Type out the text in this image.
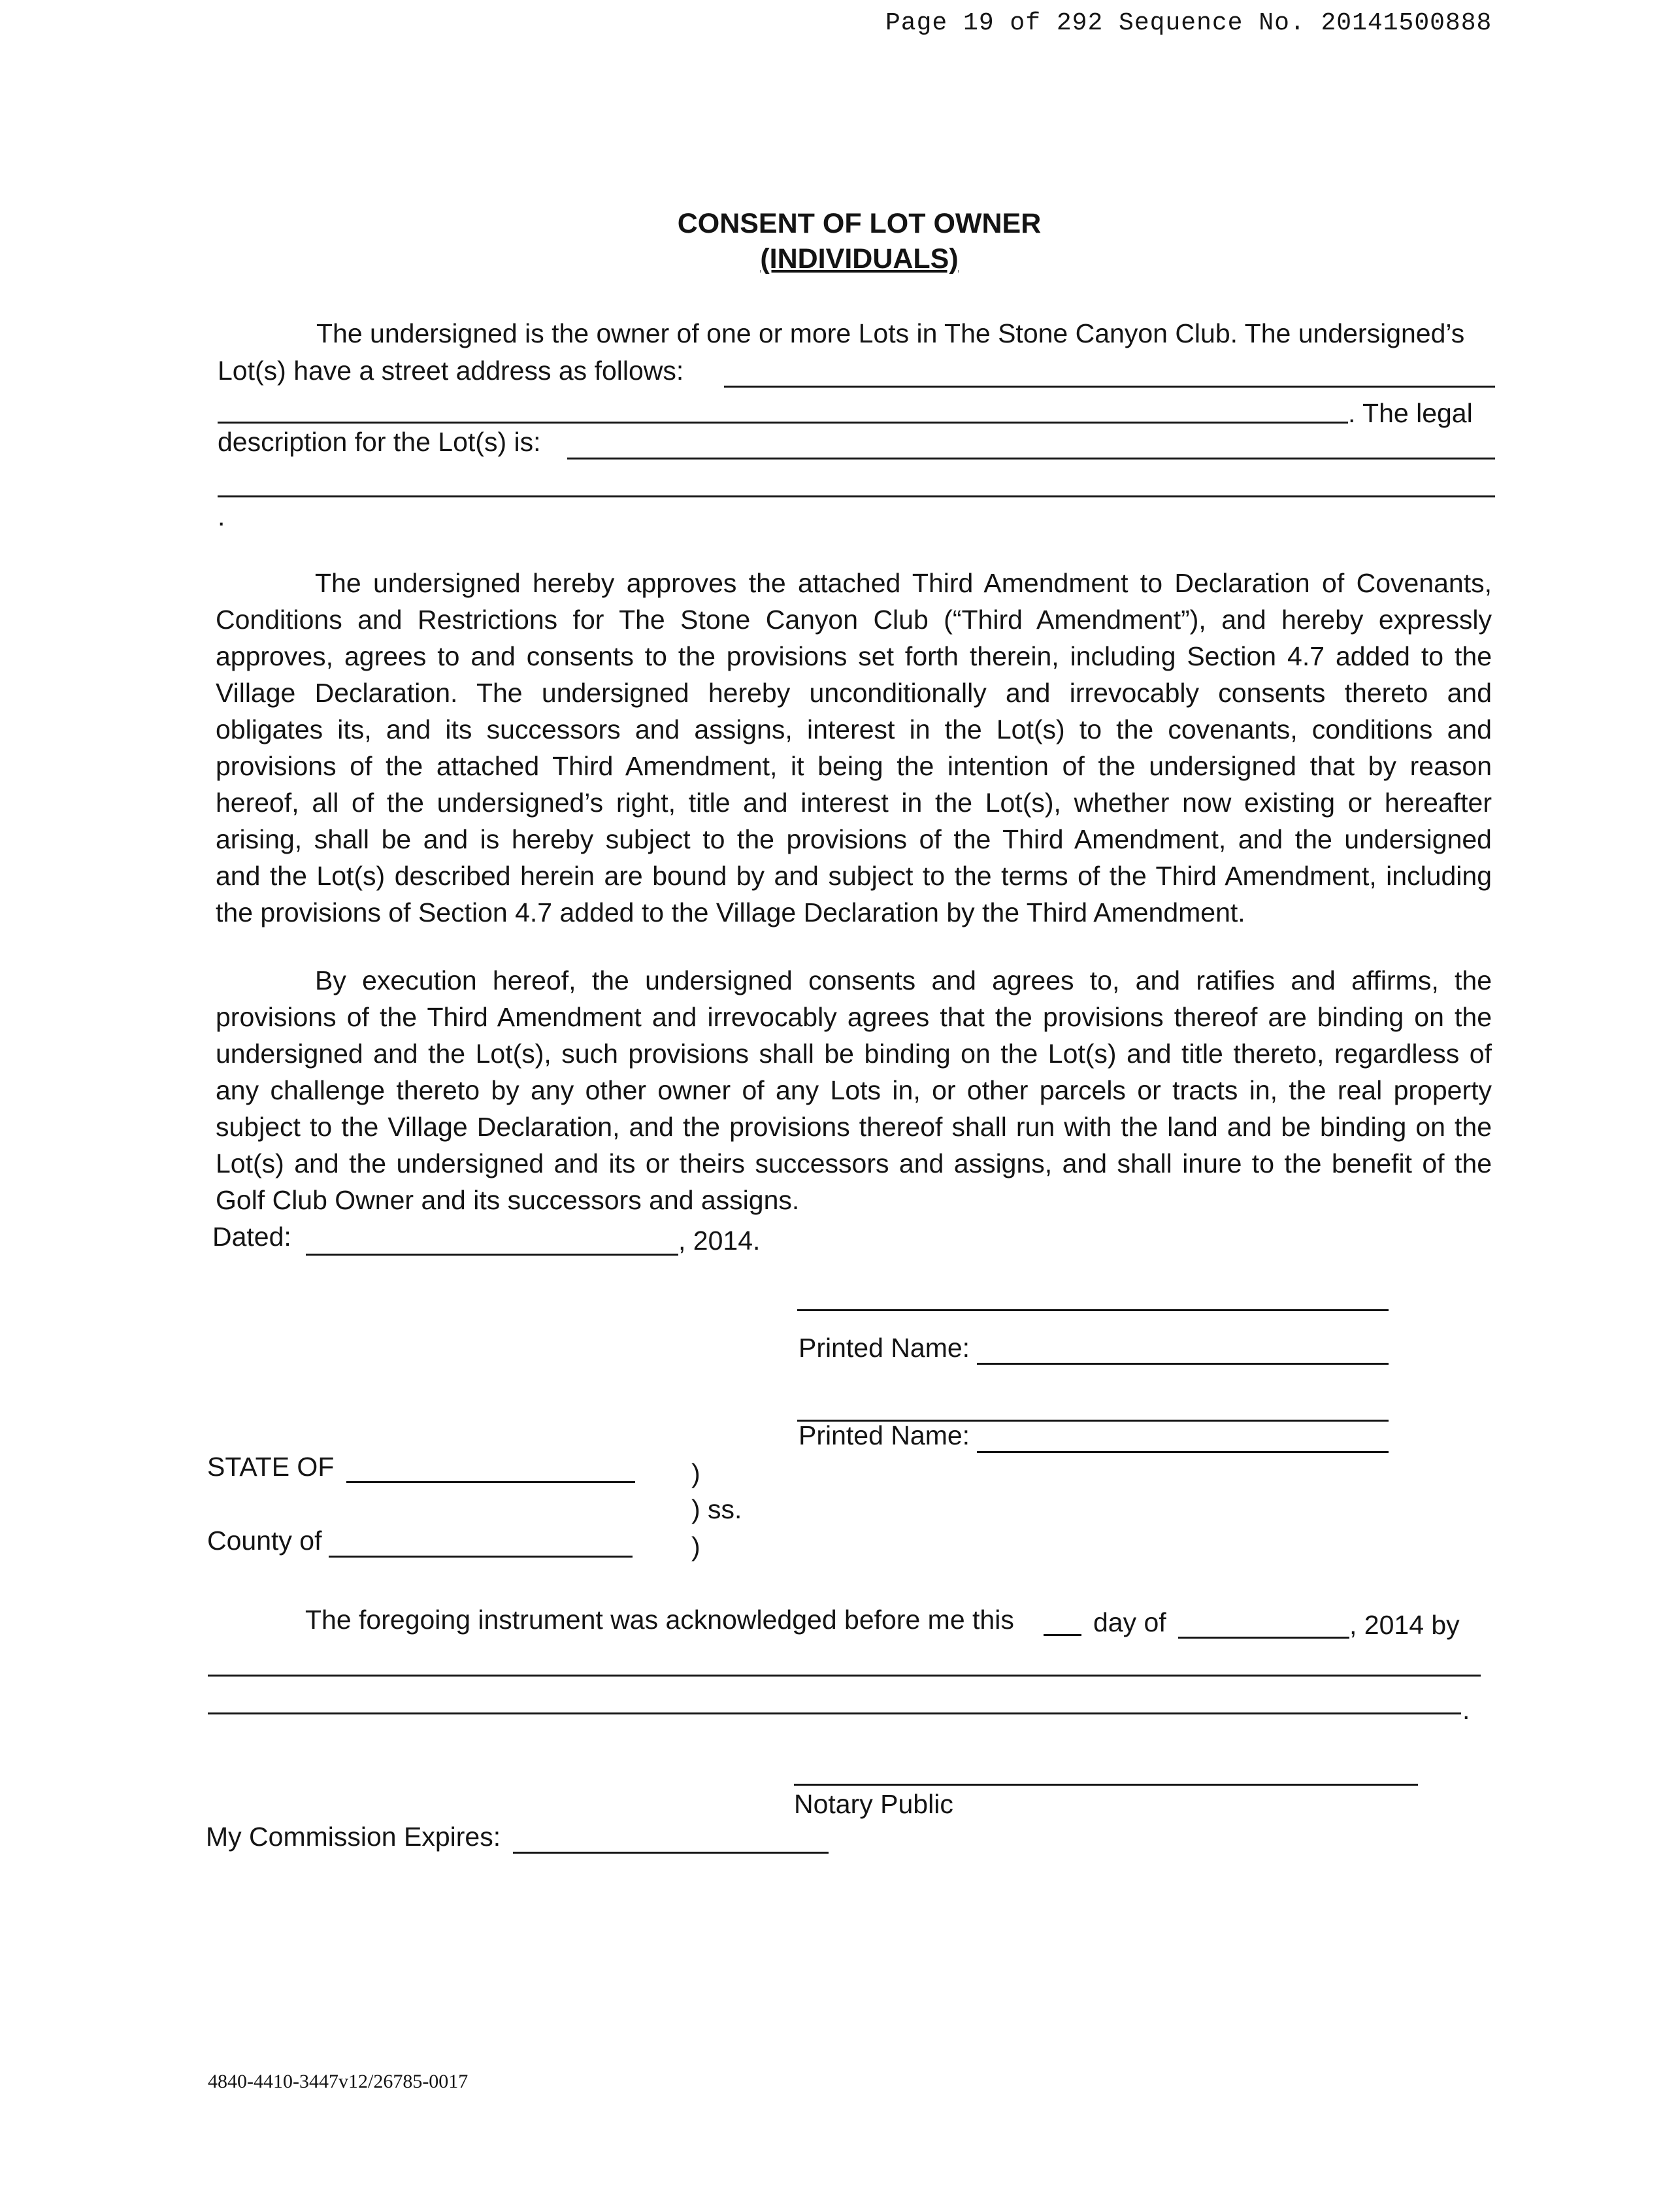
Page 19 of 292 Sequence No. 20141500888
CONSENT OF LOT OWNER
(INDIVIDUALS)
The undersigned is the owner of one or more Lots in The Stone Canyon Club. The undersigned’s
Lot(s) have a street address as follows:
. The legal
description for the Lot(s) is:
.
The undersigned hereby approves the attached Third Amendment to Declaration of Covenants,
Conditions and Restrictions for The Stone Canyon Club (“Third Amendment”), and hereby expressly
approves, agrees to and consents to the provisions set forth therein, including Section 4.7 added to the
Village Declaration. The undersigned hereby unconditionally and irrevocably consents thereto and
obligates its, and its successors and assigns, interest in the Lot(s) to the covenants, conditions and
provisions of the attached Third Amendment, it being the intention of the undersigned that by reason
hereof, all of the undersigned’s right, title and interest in the Lot(s), whether now existing or hereafter
arising, shall be and is hereby subject to the provisions of the Third Amendment, and the undersigned
and the Lot(s) described herein are bound by and subject to the terms of the Third Amendment, including
the provisions of Section 4.7 added to the Village Declaration by the Third Amendment.
By execution hereof, the undersigned consents and agrees to, and ratifies and affirms, the
provisions of the Third Amendment and irrevocably agrees that the provisions thereof are binding on the
undersigned and the Lot(s), such provisions shall be binding on the Lot(s) and title thereto, regardless of
any challenge thereto by any other owner of any Lots in, or other parcels or tracts in, the real property
subject to the Village Declaration, and the provisions thereof shall run with the land and be binding on the
Lot(s) and the undersigned and its or theirs successors and assigns, and shall inure to the benefit of the
Golf Club Owner and its successors and assigns.
Dated:	, 2014.
Printed Name:
Printed Name:
STATE OF	)
) ss.
County of	)
The foregoing instrument was acknowledged before me this	day of	, 2014 by
.
Notary Public
My Commission Expires:
4840-4410-3447v12/26785-0017
